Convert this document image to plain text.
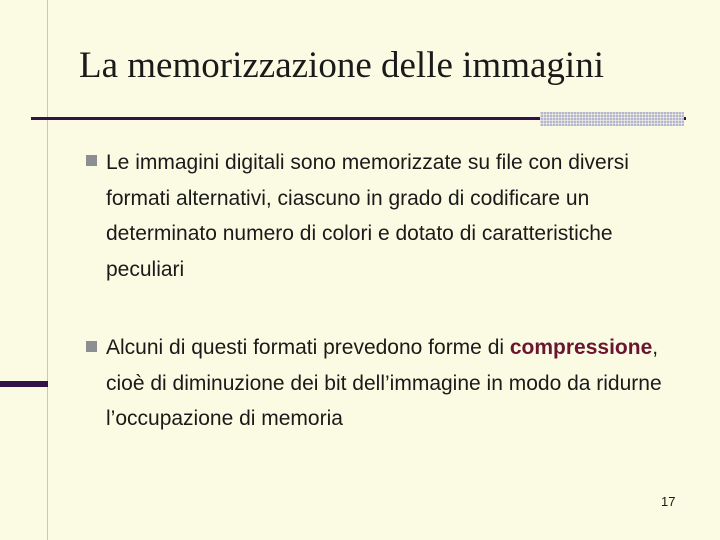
La memorizzazione delle immagini
Le immagini digitali sono memorizzate su file con diversi formati alternativi, ciascuno in grado di codificare un determinato numero di colori e dotato di caratteristiche peculiari
Alcuni di questi formati prevedono forme di compressione, cioè di diminuzione dei bit dell’immagine in modo da ridurne l’occupazione di memoria
17
